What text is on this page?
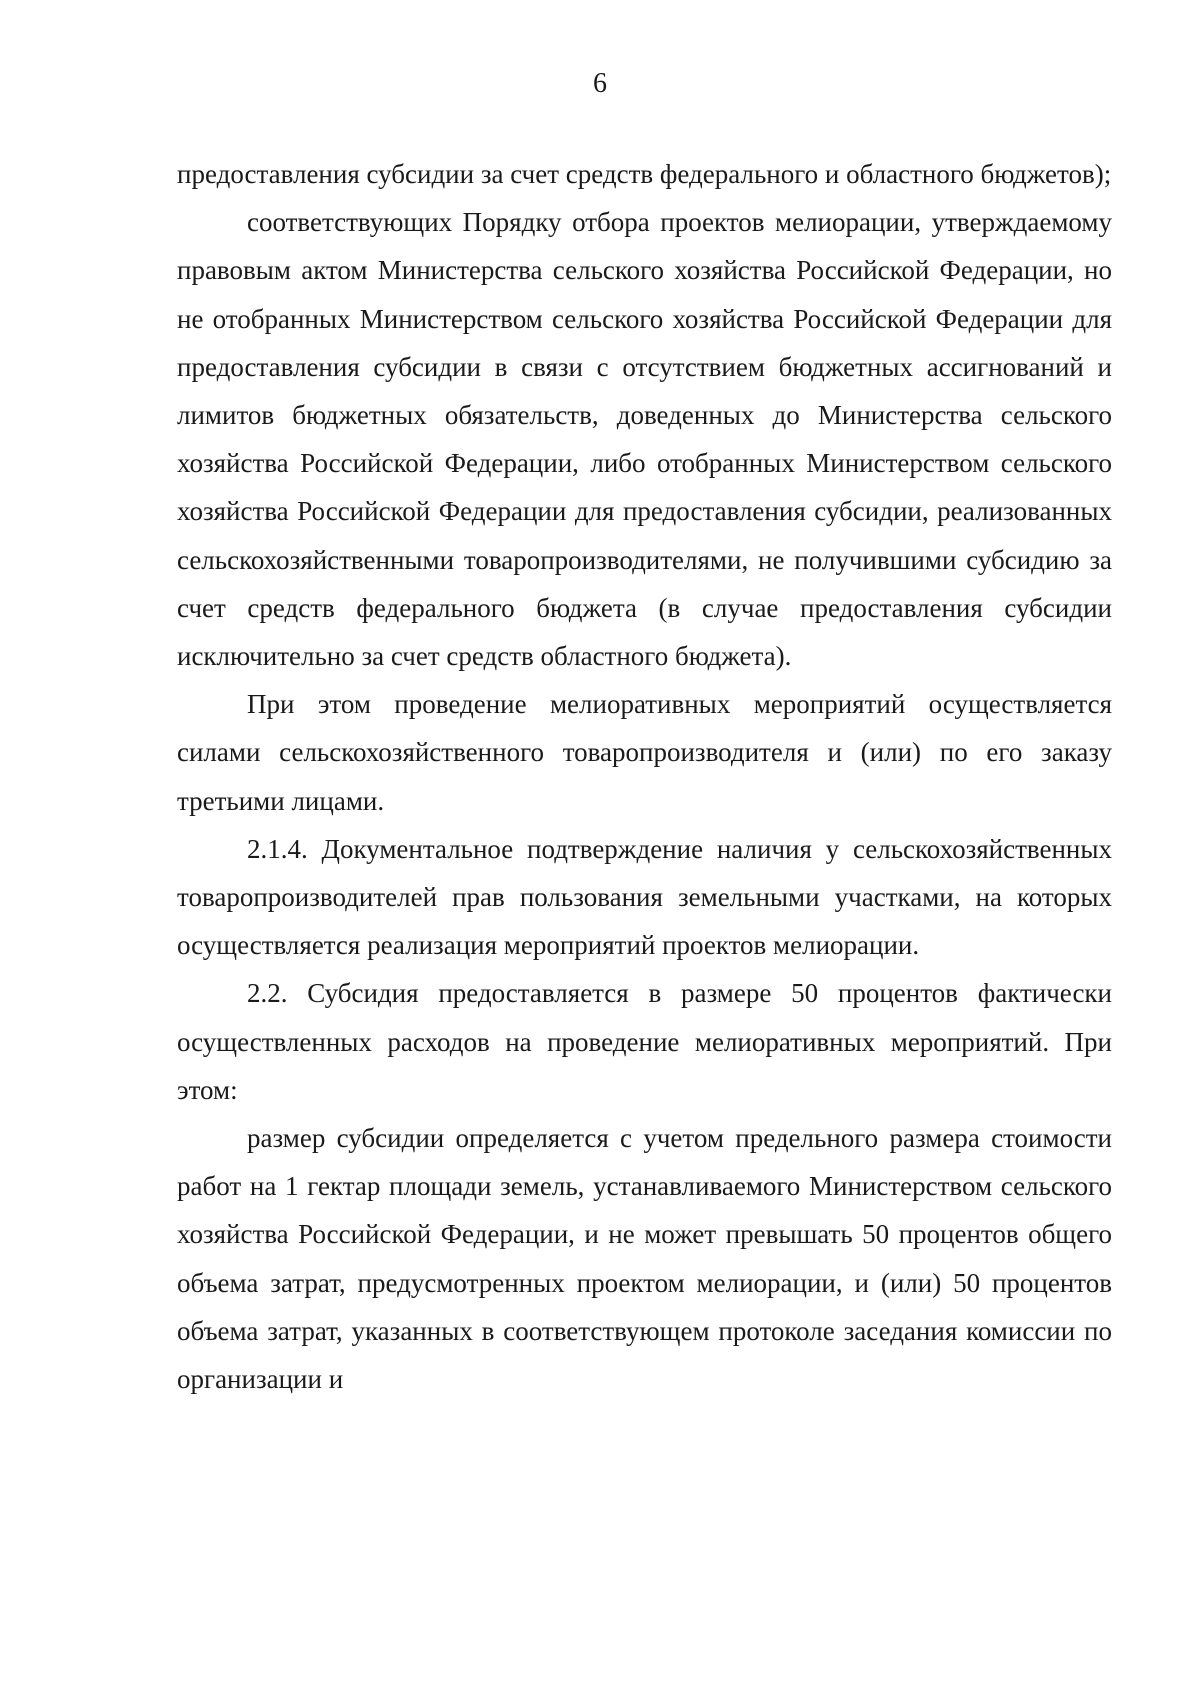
6

предоставления субсидии за счет средств федерального и областного бюджетов);

соответствующих Порядку отбора проектов мелиорации, утверждаемому правовым актом Министерства сельского хозяйства Российской Федерации, но не отобранных Министерством сельского хозяйства Российской Федерации для предоставления субсидии в связи с отсутствием бюджетных ассигнований и лимитов бюджетных обязательств, доведенных до Министерства сельского хозяйства Российской Федерации, либо отобранных Министерством сельского хозяйства Российской Федерации для предоставления субсидии, реализованных сельскохозяйственными товаропроизводителями, не получившими субсидию за счет средств федерального бюджета (в случае предоставления субсидии исключительно за счет средств областного бюджета).

При этом проведение мелиоративных мероприятий осуществляется силами сельскохозяйственного товаропроизводителя и (или) по его заказу третьими лицами.

2.1.4. Документальное подтверждение наличия у сельскохозяйственных товаропроизводителей прав пользования земельными участками, на которых осуществляется реализация мероприятий проектов мелиорации.

2.2. Субсидия предоставляется в размере 50 процентов фактически осуществленных расходов на проведение мелиоративных мероприятий. При этом:

размер субсидии определяется с учетом предельного размера стоимости работ на 1 гектар площади земель, устанавливаемого Министерством сельского хозяйства Российской Федерации, и не может превышать 50 процентов общего объема затрат, предусмотренных проектом мелиорации, и (или) 50 процентов объема затрат, указанных в соответствующем протоколе заседания комиссии по организации и
